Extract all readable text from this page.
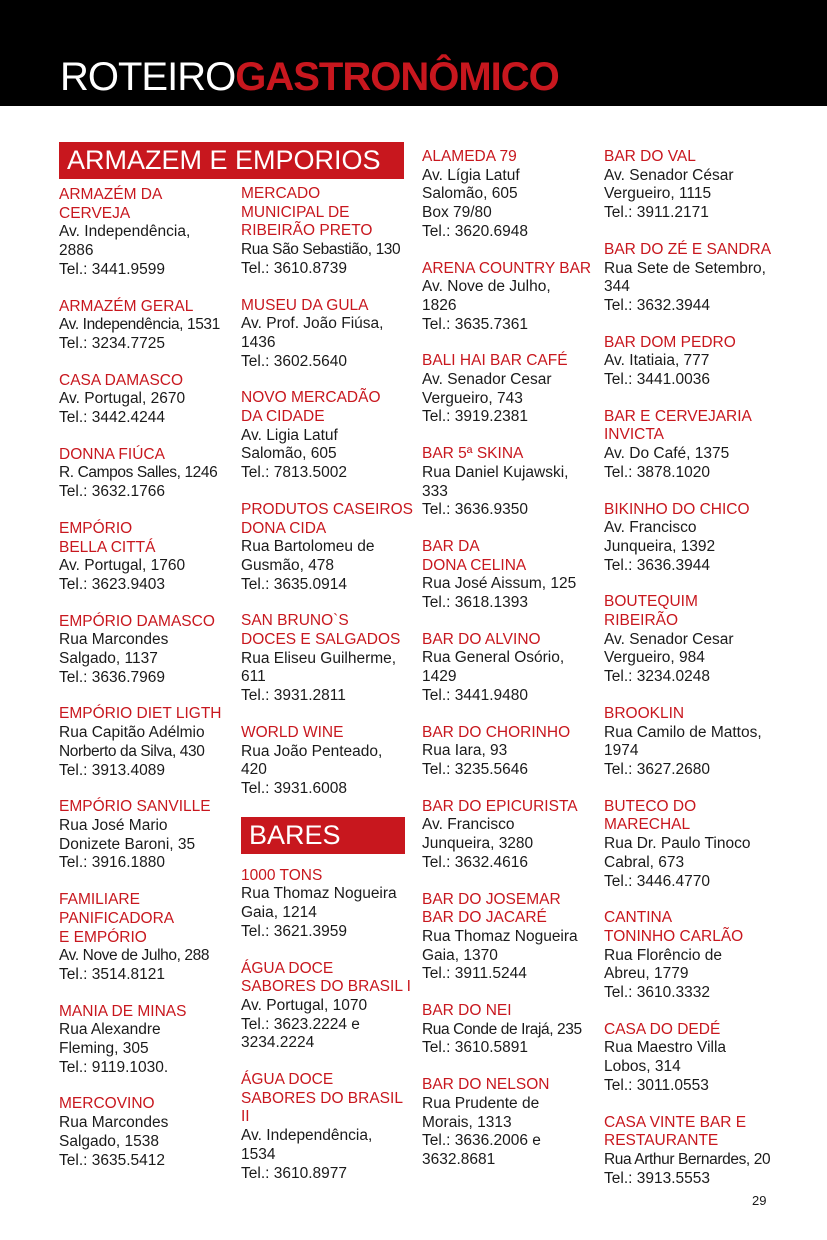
ROTEIROGASTRONÔMICO
ARMAZEM E EMPORIOS
ARMAZÉM DA
CERVEJA
Av. Independência,
2886
Tel.: 3441.9599
ARMAZÉM GERAL
Av. Independência, 1531
Tel.: 3234.7725
CASA DAMASCO
Av. Portugal, 2670
Tel.: 3442.4244
DONNA FIÚCA
R. Campos Salles, 1246
Tel.: 3632.1766
EMPÓRIO
BELLA CITTÁ
Av. Portugal, 1760
Tel.: 3623.9403
EMPÓRIO DAMASCO
Rua Marcondes
Salgado, 1137
Tel.: 3636.7969
EMPÓRIO DIET LIGTH
Rua Capitão Adélmio
Norberto da Silva, 430
Tel.: 3913.4089
EMPÓRIO SANVILLE
Rua José Mario
Donizete Baroni, 35
Tel.: 3916.1880
FAMILIARE
PANIFICADORA
E EMPÓRIO
Av. Nove de Julho, 288
Tel.: 3514.8121
MANIA DE MINAS
Rua Alexandre
Fleming, 305
Tel.: 9119.1030.
MERCOVINO
Rua Marcondes
Salgado, 1538
Tel.: 3635.5412
MERCADO
MUNICIPAL DE
RIBEIRÃO PRETO
Rua São Sebastião, 130
Tel.: 3610.8739
MUSEU DA GULA
Av. Prof. João Fiúsa,
1436
Tel.: 3602.5640
NOVO MERCADÃO
DA CIDADE
Av. Ligia Latuf
Salomão, 605
Tel.: 7813.5002
PRODUTOS CASEIROS
DONA CIDA
Rua Bartolomeu de
Gusmão, 478
Tel.: 3635.0914
SAN BRUNO`S
DOCES E SALGADOS
Rua Eliseu Guilherme,
611
Tel.: 3931.2811
WORLD WINE
Rua João Penteado,
420
Tel.: 3931.6008
BARES
1000 TONS
Rua Thomaz Nogueira
Gaia, 1214
Tel.: 3621.3959
ÁGUA DOCE
SABORES DO BRASIL I
Av. Portugal, 1070
Tel.: 3623.2224 e
3234.2224
ÁGUA DOCE
SABORES DO BRASIL II
Av. Independência,
1534
Tel.: 3610.8977
ALAMEDA 79
Av. Lígia Latuf
Salomão, 605
Box 79/80
Tel.: 3620.6948
ARENA COUNTRY BAR
Av. Nove de Julho,
1826
Tel.: 3635.7361
BALI HAI BAR CAFÉ
Av. Senador Cesar
Vergueiro, 743
Tel.: 3919.2381
BAR 5ª SKINA
Rua Daniel Kujawski,
333
Tel.: 3636.9350
BAR DA
DONA CELINA
Rua José Aissum, 125
Tel.: 3618.1393
BAR DO ALVINO
Rua General Osório,
1429
Tel.: 3441.9480
BAR DO CHORINHO
Rua Iara, 93
Tel.: 3235.5646
BAR DO EPICURISTA
Av. Francisco
Junqueira, 3280
Tel.: 3632.4616
BAR DO JOSEMAR
BAR DO JACARÉ
Rua Thomaz Nogueira
Gaia, 1370
Tel.: 3911.5244
BAR DO NEI
Rua Conde de Irajá, 235
Tel.: 3610.5891
BAR DO NELSON
Rua Prudente de
Morais, 1313
Tel.: 3636.2006 e
3632.8681
BAR DO VAL
Av. Senador César
Vergueiro, 1115
Tel.: 3911.2171
BAR DO ZÉ E SANDRA
Rua Sete de Setembro,
344
Tel.: 3632.3944
BAR DOM PEDRO
Av. Itatiaia, 777
Tel.: 3441.0036
BAR E CERVEJARIA
INVICTA
Av. Do Café, 1375
Tel.: 3878.1020
BIKINHO DO CHICO
Av. Francisco
Junqueira, 1392
Tel.: 3636.3944
BOUTEQUIM RIBEIRÃO
Av. Senador Cesar
Vergueiro, 984
Tel.: 3234.0248
BROOKLIN
Rua Camilo de Mattos,
1974
Tel.: 3627.2680
BUTECO DO
MARECHAL
Rua Dr. Paulo Tinoco
Cabral, 673
Tel.: 3446.4770
CANTINA
TONINHO CARLÃO
Rua Florêncio de
Abreu, 1779
Tel.: 3610.3332
CASA DO DEDÉ
Rua Maestro Villa
Lobos, 314
Tel.: 3011.0553
CASA VINTE BAR E
RESTAURANTE
Rua Arthur Bernardes, 20
Tel.: 3913.5553
29
